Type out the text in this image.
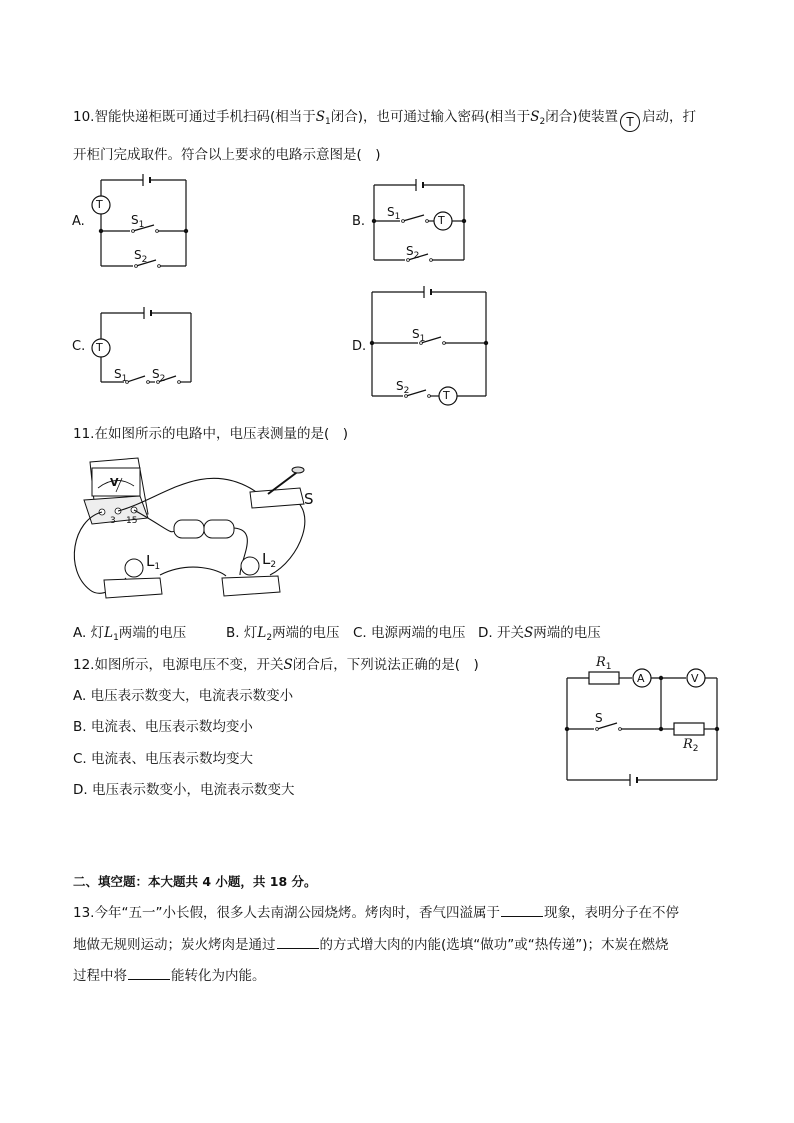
10.智能快递柜既可通过手机扫码(相当于$S_1$闭合)，也可通过输入密码(相当于$S_2$闭合)使装置 T 启动，打
开柜门完成取件。符合以上要求的电路示意图是(　)
A.	B.
C.	D.
T
$S_1$
$S_2$
T
$S_1$
$S_2$
T
$S_1$ $S_2$
T
$S_1$
$S_2$
11.在如图所示的电路中，电压表测量的是(　)
V
3 15
S
$L_1$	$L_2$
A. 灯$L_1$两端的电压	B. 灯$L_2$两端的电压 C. 电源两端的电压 D. 开关S两端的电压
12.如图所示，电源电压不变，开关S闭合后，下列说法正确的是(　)
A. 电压表示数变大，电流表示数变小
B. 电流表、电压表示数均变小
C. 电流表、电压表示数均变大
D. 电压表示数变小，电流表示数变大
$R_1$
A	V
S
$R_2$
二、填空题：本大题共 4 小题，共 18 分。
13.今年“五一”小长假，很多人去南湖公园烧烤。烤肉时，香气四溢属于	现象，表明分子在不停
地做无规则运动；炭火烤肉是通过	的方式增大肉的内能(选填“做功”或“热传递”)；木炭在燃烧
过程中将	能转化为内能。
